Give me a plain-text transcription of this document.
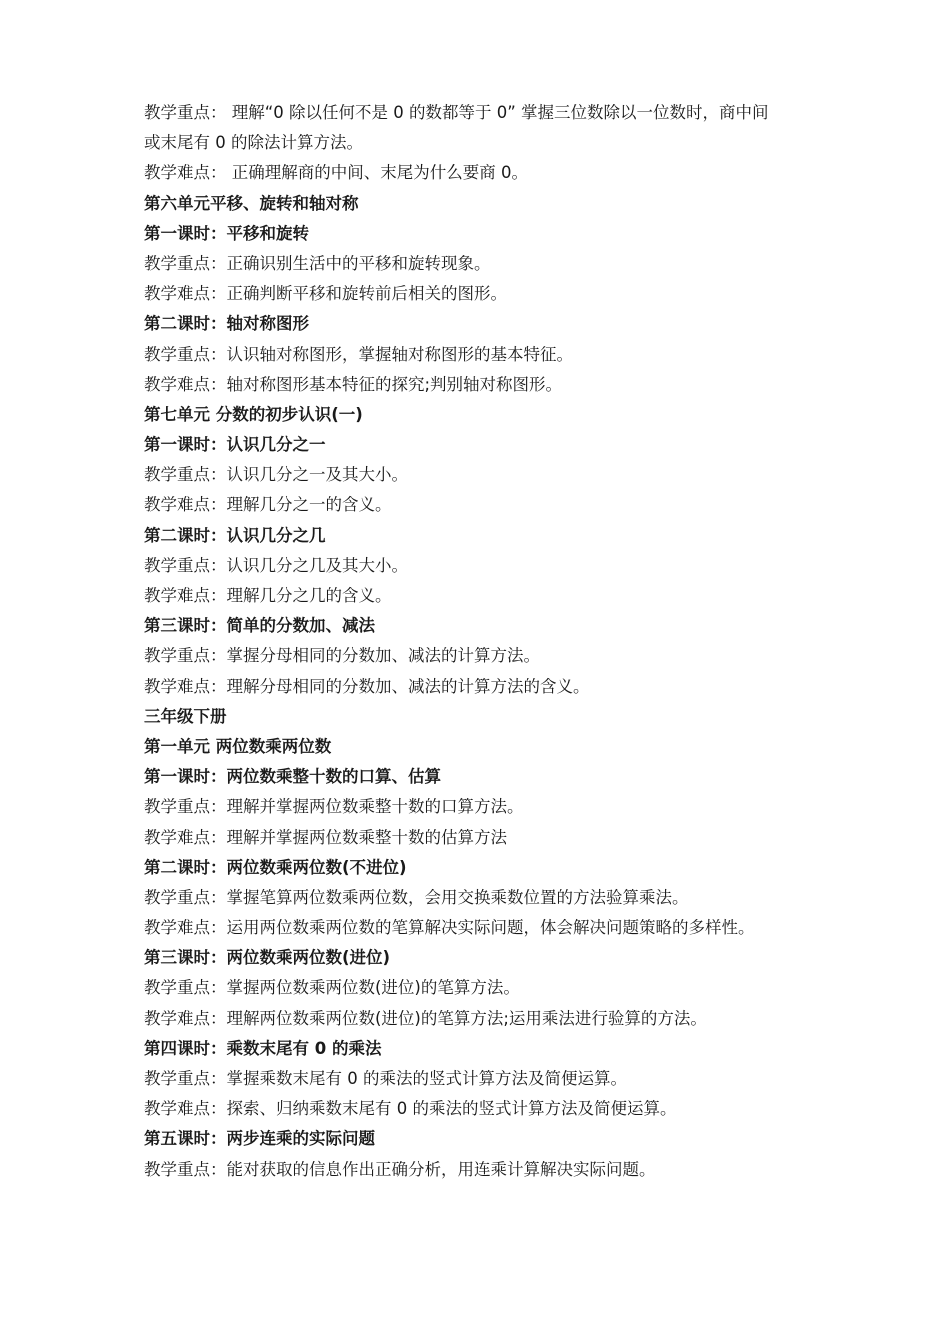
教学重点： 理解“0 除以任何不是 0 的数都等于 0” 掌握三位数除以一位数时，商中间
或末尾有 0 的除法计算方法。
教学难点： 正确理解商的中间、末尾为什么要商 0。
第六单元平移、旋转和轴对称
第一课时：平移和旋转
教学重点：正确识别生活中的平移和旋转现象。
教学难点：正确判断平移和旋转前后相关的图形。
第二课时：轴对称图形
教学重点：认识轴对称图形，掌握轴对称图形的基本特征。
教学难点：轴对称图形基本特征的探究;判别轴对称图形。
第七单元 分数的初步认识(一)
第一课时：认识几分之一
教学重点：认识几分之一及其大小。
教学难点：理解几分之一的含义。
第二课时：认识几分之几
教学重点：认识几分之几及其大小。
教学难点：理解几分之几的含义。
第三课时：简单的分数加、减法
教学重点：掌握分母相同的分数加、减法的计算方法。
教学难点：理解分母相同的分数加、减法的计算方法的含义。
三年级下册
第一单元 两位数乘两位数
第一课时：两位数乘整十数的口算、估算
教学重点：理解并掌握两位数乘整十数的口算方法。
教学难点：理解并掌握两位数乘整十数的估算方法
第二课时：两位数乘两位数(不进位)
教学重点：掌握笔算两位数乘两位数，会用交换乘数位置的方法验算乘法。
教学难点：运用两位数乘两位数的笔算解决实际问题，体会解决问题策略的多样性。
第三课时：两位数乘两位数(进位)
教学重点：掌握两位数乘两位数(进位)的笔算方法。
教学难点：理解两位数乘两位数(进位)的笔算方法;运用乘法进行验算的方法。
第四课时：乘数末尾有 0 的乘法
教学重点：掌握乘数末尾有 0 的乘法的竖式计算方法及简便运算。
教学难点：探索、归纳乘数末尾有 0 的乘法的竖式计算方法及简便运算。
第五课时：两步连乘的实际问题
教学重点：能对获取的信息作出正确分析，用连乘计算解决实际问题。
